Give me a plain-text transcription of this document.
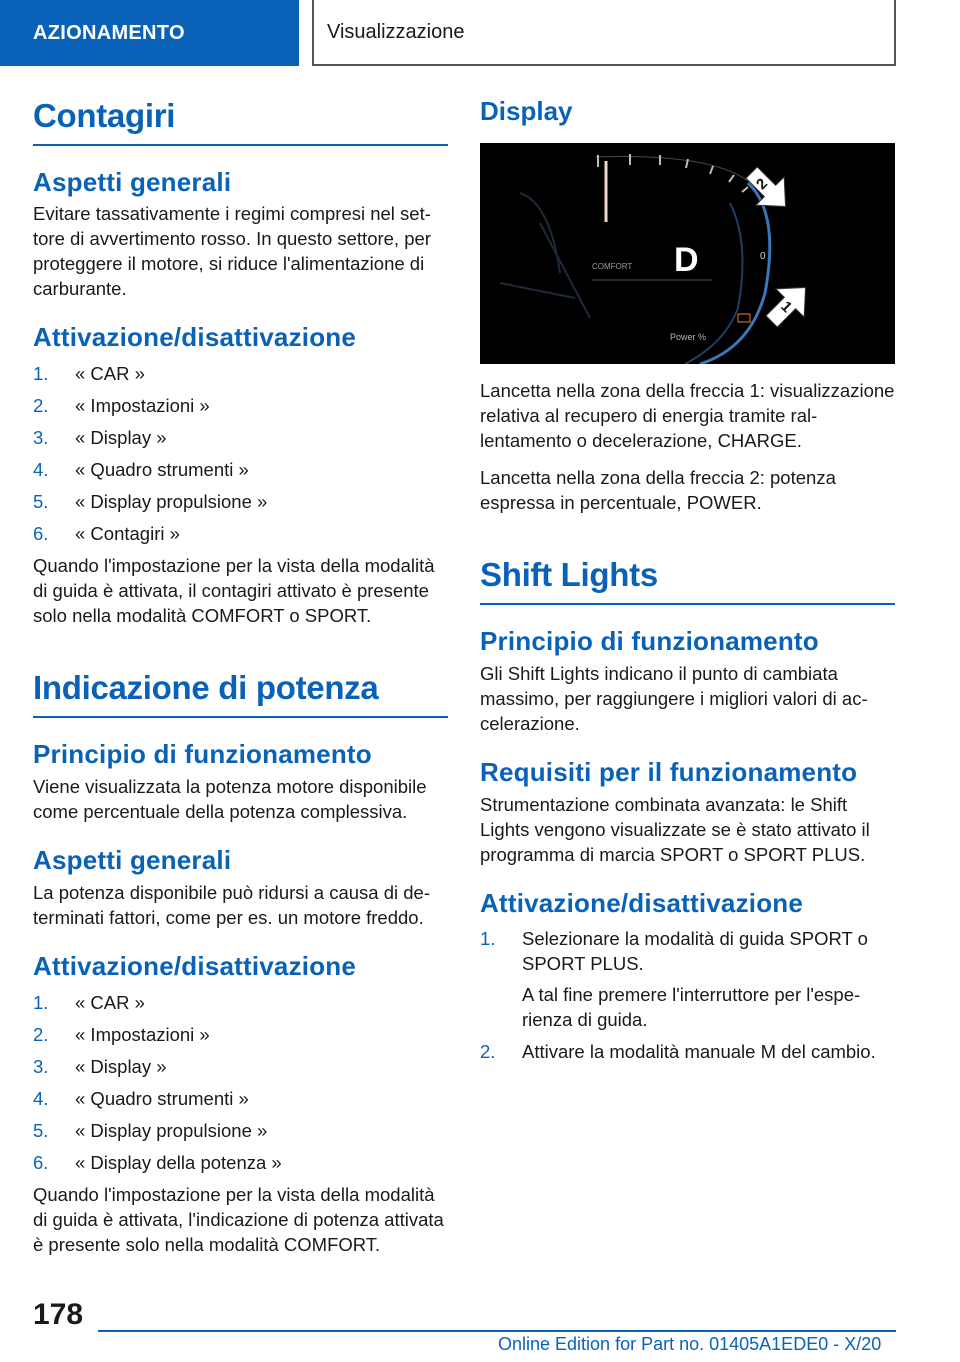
AZIONAMENTO	Visualizzazione
Contagiri
Aspetti generali

Evitare tassativamente i regimi compresi nel settore di avvertimento rosso. In questo settore, per proteggere il motore, si riduce l'alimentazione di carburante.

Attivazione/disattivazione
1. « CAR »
2. « Impostazioni »
3. « Display »
4. « Quadro strumenti »
5. « Display propulsione »
6. « Contagiri »

Quando l'impostazione per la vista della modalità di guida è attivata, il contagiri attivato è presente solo nella modalità COMFORT o SPORT.

Indicazione di potenza
Principio di funzionamento

Viene visualizzata la potenza motore disponibile come percentuale della potenza complessiva.

Aspetti generali

La potenza disponibile può ridursi a causa di determinati fattori, come per es. un motore freddo.

Attivazione/disattivazione
1. « CAR »
2. « Impostazioni »
3. « Display »
4. « Quadro strumenti »
5. « Display propulsione »
6. « Display della potenza »

Quando l'impostazione per la vista della modalità di guida è attivata, l'indicazione di potenza attivata è presente solo nella modalità COMFORT.

Display
COMFORT D	0
Power %
2
1

Lancetta nella zona della freccia 1: visualizzazione relativa al recupero di energia tramite rallentamento o decelerazione, CHARGE.

Lancetta nella zona della freccia 2: potenza espressa in percentuale, POWER.

Shift Lights
Principio di funzionamento

Gli Shift Lights indicano il punto di cambiata massimo, per raggiungere i migliori valori di accelerazione.

Requisiti per il funzionamento

Strumentazione combinata avanzata: le Shift Lights vengono visualizzate se è stato attivato il programma di marcia SPORT o SPORT PLUS.

Attivazione/disattivazione
1. Selezionare la modalità di guida SPORT o SPORT PLUS.
A tal fine premere l'interruttore per l'esperienza di guida.
2. Attivare la modalità manuale M del cambio.
178
Online Edition for Part no. 01405A1EDE0 - X/20
